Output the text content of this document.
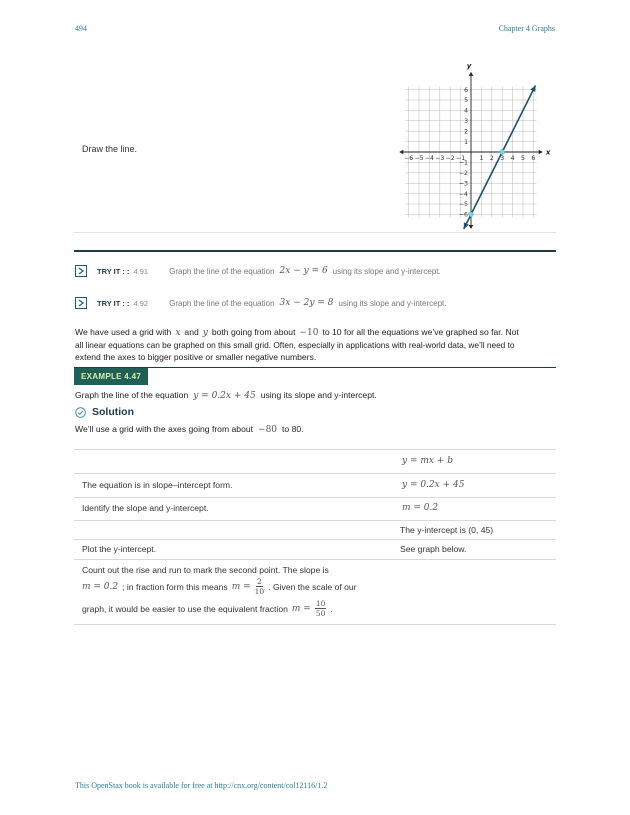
494	Chapter 4 Graphs
Draw the line.	x
y
−6 −5 −4 −3 −2 −1 1 2 3 4 5 6
6
5
4
3
2
1
−1
−2
−3
−4
−5
−6
TRY IT : : 4.91	Graph the line of the equation 2x − y = 6 using its slope and y-intercept.
TRY IT : : 4.92	Graph the line of the equation 3x − 2y = 8 using its slope and y-intercept.
We have used a grid with x and y both going from about −10 to 10 for all the equations we’ve graphed so far. Not
all linear equations can be graphed on this small grid. Often, especially in applications with real-world data, we’ll need to
extend the axes to bigger positive or smaller negative numbers.
EXAMPLE 4.47
Graph the line of the equation y = 0.2x + 45 using its slope and y-intercept.
Solution
We’ll use a grid with the axes going from about −80 to 80.
y = mx + b
The equation is in slope–intercept form.	y = 0.2x + 45
Identify the slope and y-intercept.	m = 0.2
The y-intercept is (0, 45)
Plot the y-intercept.	See graph below.
Count out the rise and run to mark the second point. The slope is
m = 0.2 ; in fraction form this means $m = \frac{2}{10}$ . Given the scale of our
graph, it would be easier to use the equivalent fraction $m = \frac{10}{50}$ .
This OpenStax book is available for free at http://cnx.org/content/col12116/1.2
